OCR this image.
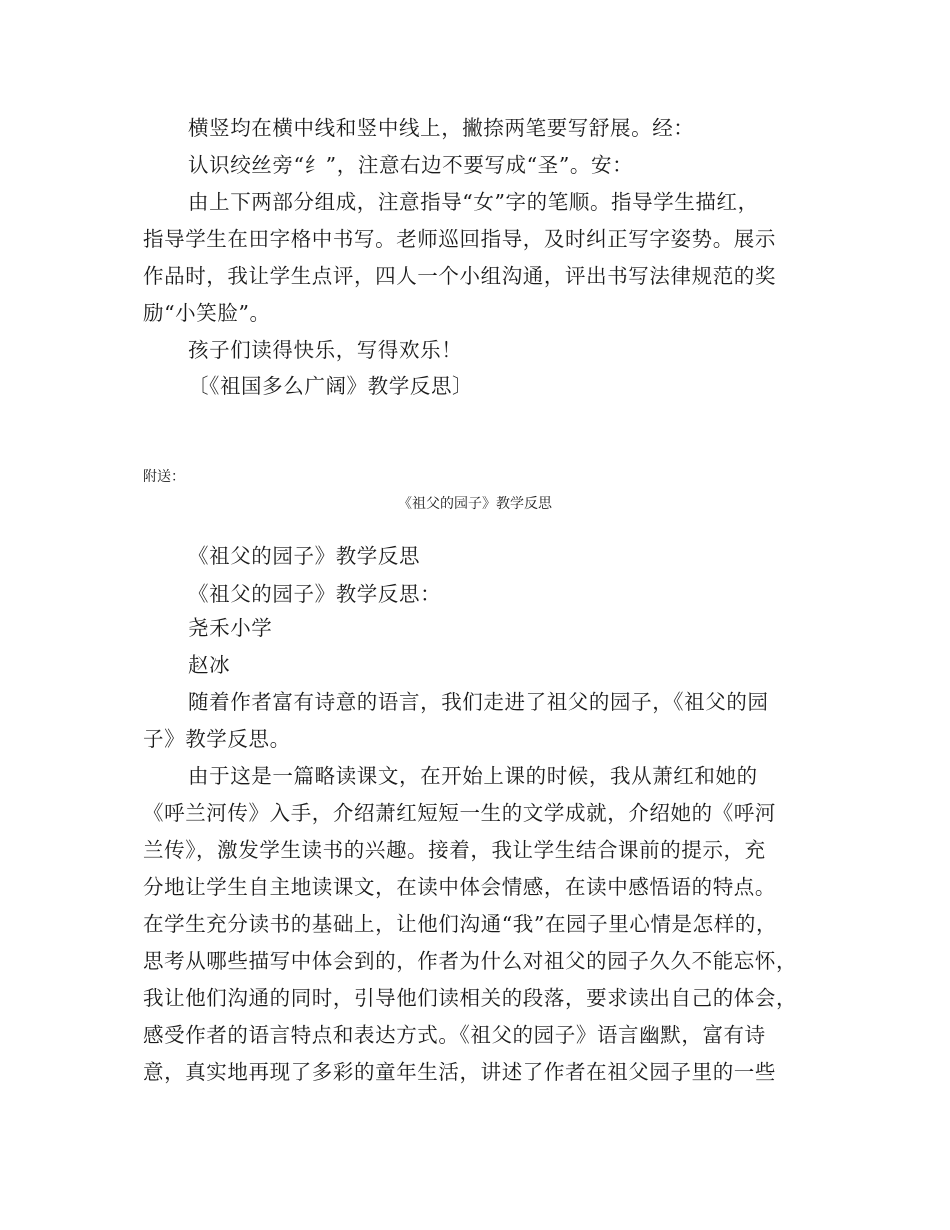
横竖均在横中线和竖中线上，撇捺两笔要写舒展。经：
认识绞丝旁“纟”，注意右边不要写成“圣”。安：
由上下两部分组成，注意指导“女”字的笔顺。指导学生描红，
指导学生在田字格中书写。老师巡回指导，及时纠正写字姿势。展示
作品时，我让学生点评，四人一个小组沟通，评出书写法律规范的奖
励“小笑脸”。
孩子们读得快乐，写得欢乐！
〔《祖国多么广阔》教学反思〕
附送：
《祖父的园子》教学反思
《祖父的园子》教学反思
《祖父的园子》教学反思：
尧禾小学
赵冰
随着作者富有诗意的语言，我们走进了祖父的园子，《祖父的园
子》教学反思。
由于这是一篇略读课文，在开始上课的时候，我从萧红和她的
《呼兰河传》入手，介绍萧红短短一生的文学成就，介绍她的《呼河
兰传》，激发学生读书的兴趣。接着，我让学生结合课前的提示，充
分地让学生自主地读课文，在读中体会情感，在读中感悟语的特点。
在学生充分读书的基础上，让他们沟通“我”在园子里心情是怎样的，
思考从哪些描写中体会到的，作者为什么对祖父的园子久久不能忘怀，
我让他们沟通的同时，引导他们读相关的段落，要求读出自己的体会，
感受作者的语言特点和表达方式。《祖父的园子》语言幽默，富有诗
意，真实地再现了多彩的童年生活，讲述了作者在祖父园子里的一些
